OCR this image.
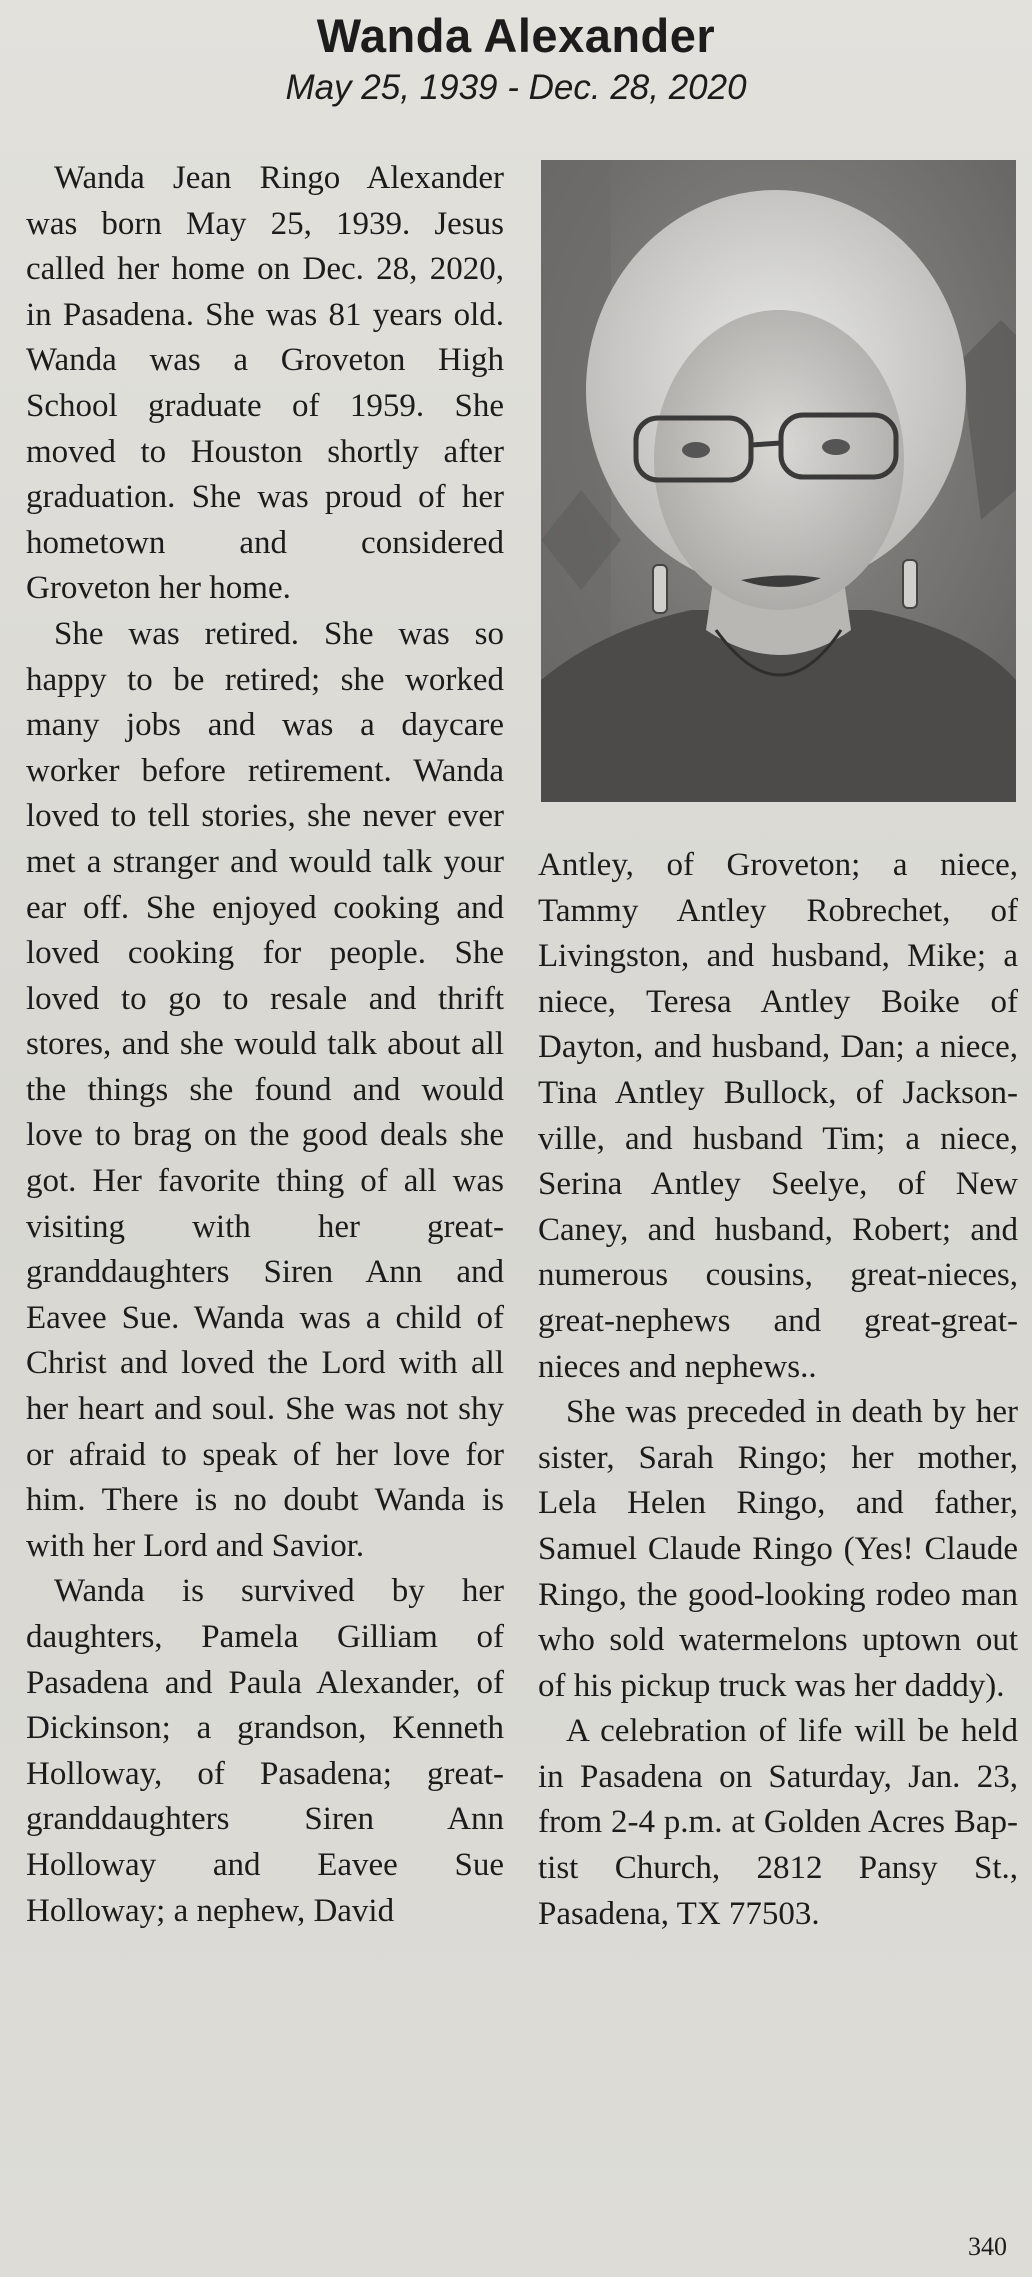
Wanda Alexander
May 25, 1939 - Dec. 28, 2020

Wanda Jean Ringo Alexander was born May 25, 1939. Jesus called her home on Dec. 28, 2020, in Pasadena. She was 81 years old. Wanda was a Groveton High School graduate of 1959. She moved to Houston shortly after graduation. She was proud of her hometown and considered Groveton her home.

She was retired. She was so happy to be retired; she worked many jobs and was a daycare worker before retirement. Wanda loved to tell stories, she never ever met a stranger and would talk your ear off. She enjoyed cooking and loved cooking for people. She loved to go to resale and thrift stores, and she would talk about all the things she found and would love to brag on the good deals she got. Her favorite thing of all was visiting with her great-granddaughters Siren Ann and Eavee Sue. Wanda was a child of Christ and loved the Lord with all her heart and soul. She was not shy or afraid to speak of her love for him. There is no doubt Wanda is with her Lord and Savior.

Wanda is survived by her daughters, Pamela Gilliam of Pasadena and Paula Alexander, of Dickinson; a grandson, Kenneth Holloway, of Pasadena; great-granddaughters Siren Ann Holloway and Eavee Sue Holloway; a nephew, David

Antley, of Groveton; a niece, Tammy Antley Robrechet, of Livingston, and husband, Mike; a niece, Teresa Antley Boike of Dayton, and husband, Dan; a niece, Tina Antley Bullock, of Jacksonville, and husband Tim; a niece, Serina Antley Seelye, of New Caney, and husband, Robert; and numerous cousins, great-nieces, great-nephews and great-great-nieces and nephews..

She was preceded in death by her sister, Sarah Ringo; her mother, Lela Helen Ringo, and father, Samuel Claude Ringo (Yes! Claude Ringo, the good-looking rodeo man who sold watermelons uptown out of his pickup truck was her daddy).

A celebration of life will be held in Pasadena on Saturday, Jan. 23, from 2-4 p.m. at Golden Acres Baptist Church, 2812 Pansy St., Pasadena, TX 77503.

340
